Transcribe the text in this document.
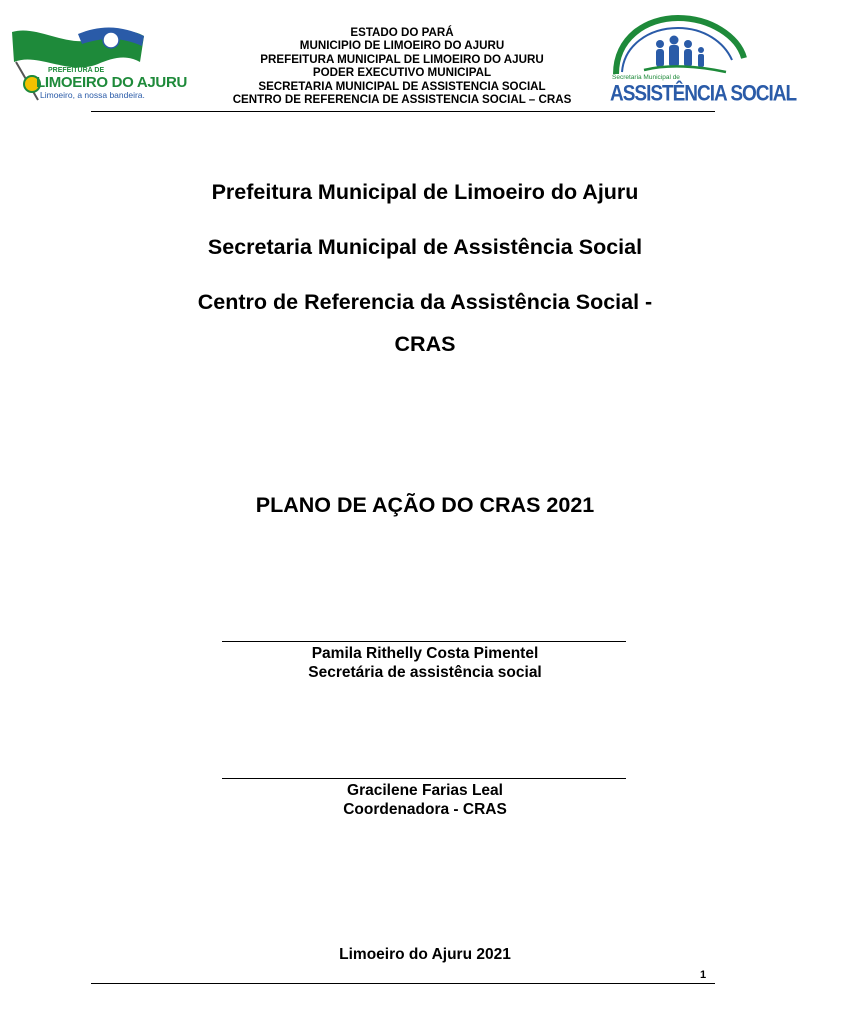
PREFEITURA DE
LIMOEIRO DO AJURU
Limoeiro, a nossa bandeira.
ESTADO DO PARÁ
MUNICIPIO DE LIMOEIRO DO AJURU
PREFEITURA MUNICIPAL DE LIMOEIRO DO AJURU
PODER EXECUTIVO MUNICIPAL
SECRETARIA MUNICIPAL DE ASSISTENCIA SOCIAL
CENTRO DE REFERENCIA DE ASSISTENCIA SOCIAL – CRAS
Secretaria Municipal de
ASSISTÊNCIA SOCIAL
Prefeitura Municipal de Limoeiro do Ajuru
Secretaria Municipal de Assistência Social
Centro de Referencia da Assistência Social -
CRAS
PLANO DE AÇÃO DO CRAS 2021
Pamila Rithelly Costa Pimentel
Secretária de assistência social
Gracilene Farias Leal
Coordenadora - CRAS
Limoeiro do Ajuru 2021
1
